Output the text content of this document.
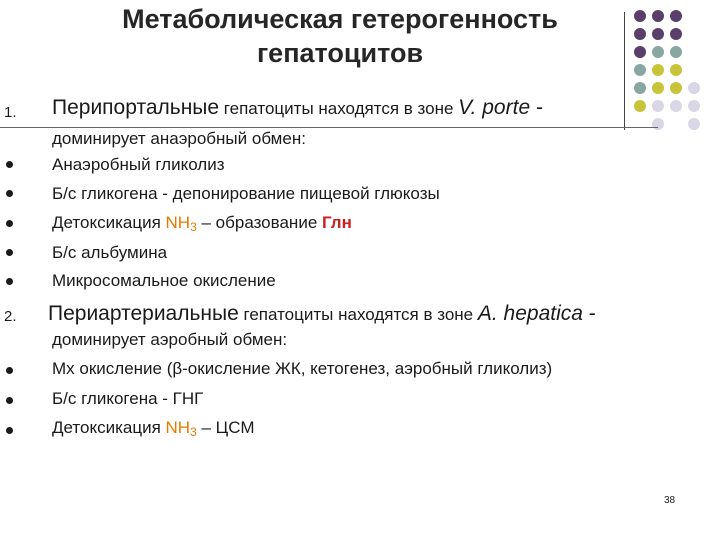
Метаболическая гетерогенность
гепатоцитов
1. Перипортальные гепатоциты находятся в зоне V. porte -
доминирует анаэробный обмен:
Анаэробный гликолиз
Б/с гликогена - депонирование пищевой глюкозы
Детоксикация $NH_3$ – образование Глн
Б/с альбумина
Микросомальное окисление
2. Периартериальные гепатоциты находятся в зоне A. hepatica -
доминирует аэробный обмен:
Мх окисление (β-окисление ЖК, кетогенез, аэробный гликолиз)
Б/с гликогена - ГНГ
Детоксикация $NH_3$ – ЦСМ
38
